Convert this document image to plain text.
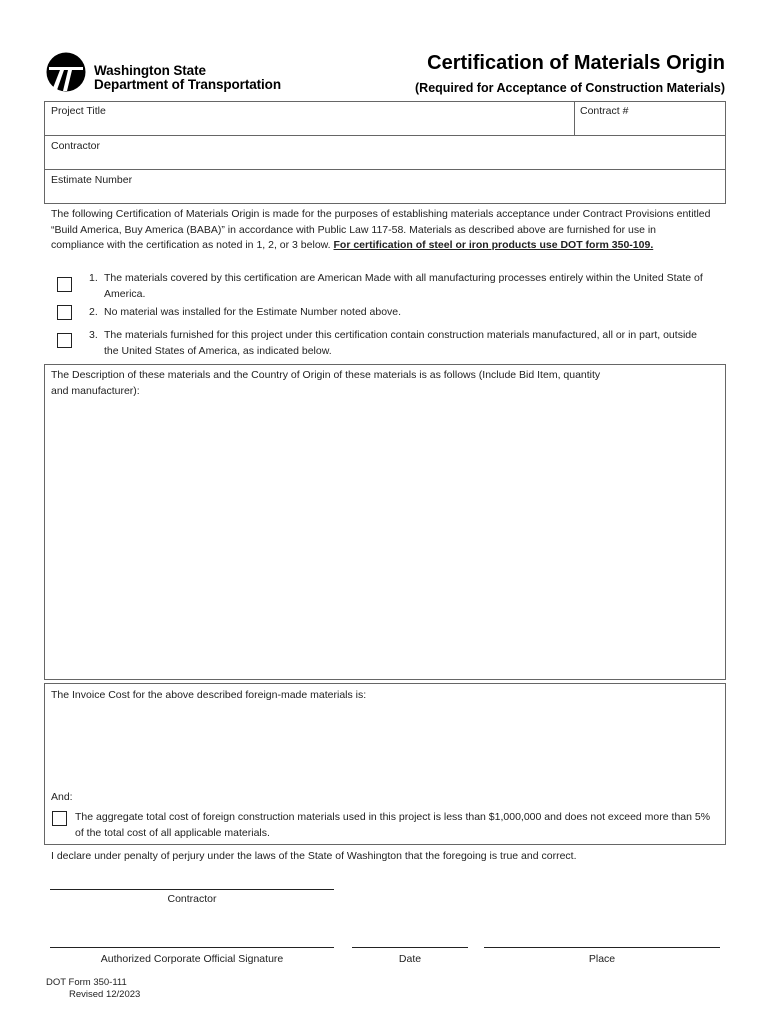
Washington State
Department of Transportation
Certification of Materials Origin
(Required for Acceptance of Construction Materials)
Project Title	Contract #
Contractor
Estimate Number
The following Certification of Materials Origin is made for the purposes of establishing materials acceptance under Contract Provisions entitled “Build America, Buy America (BABA)” in accordance with Public Law 117-58. Materials as described above are furnished for use in compliance with the certification as noted in 1, 2, or 3 below. For certification of steel or iron products use DOT form 350-109.
1. The materials covered by this certification are American Made with all manufacturing processes entirely within the United State of America.
2. No material was installed for the Estimate Number noted above.
3. The materials furnished for this project under this certification contain construction materials manufactured, all or in part, outside the United States of America, as indicated below.
The Description of these materials and the Country of Origin of these materials is as follows (Include Bid Item, quantity
and manufacturer):
The Invoice Cost for the above described foreign-made materials is:
And:
The aggregate total cost of foreign construction materials used in this project is less than $1,000,000 and does not exceed more than 5% of the total cost of all applicable materials.
I declare under penalty of perjury under the laws of the State of Washington that the foregoing is true and correct.
Contractor
Authorized Corporate Official Signature	Date	Place
DOT Form 350-111
Revised 12/2023
